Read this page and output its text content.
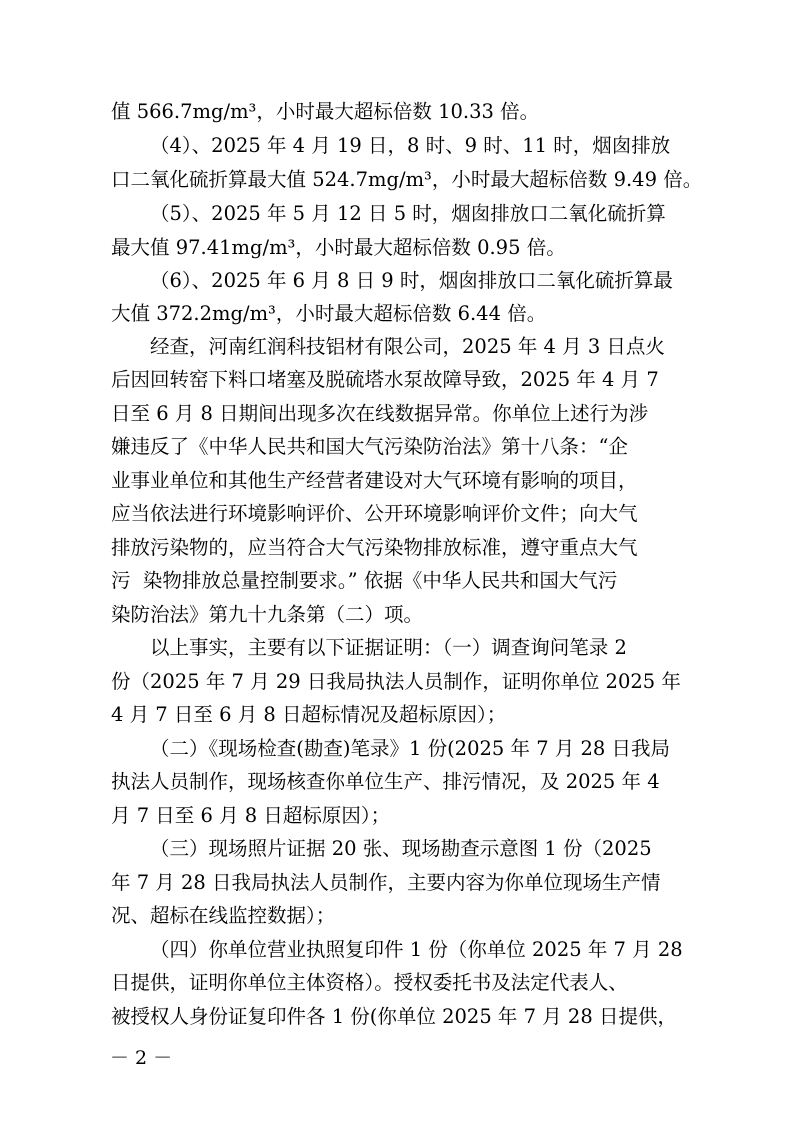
值 566.7mg/m³，小时最大超标倍数 10.33 倍。
（4）、2025 年 4 月 19 日，8 时、9 时、11 时，烟囱排放
口二氧化硫折算最大值 524.7mg/m³，小时最大超标倍数 9.49 倍。
（5）、2025 年 5 月 12 日 5 时，烟囱排放口二氧化硫折算
最大值 97.41mg/m³，小时最大超标倍数 0.95 倍。
（6）、2025 年 6 月 8 日 9 时，烟囱排放口二氧化硫折算最
大值 372.2mg/m³，小时最大超标倍数 6.44 倍。
经查，河南红润科技铝材有限公司，2025 年 4 月 3 日点火
后因回转窑下料口堵塞及脱硫塔水泵故障导致，2025 年 4 月 7
日至 6 月 8 日期间出现多次在线数据异常。你单位上述行为涉
嫌违反了《中华人民共和国大气污染防治法》第十八条：“企
业事业单位和其他生产经营者建设对大气环境有影响的项目，
应当依法进行环境影响评价、公开环境影响评价文件；向大气
排放污染物的，应当符合大气污染物排放标准，遵守重点大气
污  染物排放总量控制要求。” 依据《中华人民共和国大气污
染防治法》第九十九条第（二）项。
以上事实，主要有以下证据证明：（一）调查询问笔录 2
份（2025 年 7 月 29 日我局执法人员制作，证明你单位 2025 年
4 月 7 日至 6 月 8 日超标情况及超标原因）；
（二）《现场检查(勘查)笔录》1 份(2025 年 7 月 28 日我局
执法人员制作，现场核查你单位生产、排污情况，及 2025 年 4
月 7 日至 6 月 8 日超标原因）；
（三）现场照片证据 20 张、现场勘查示意图 1 份（2025
年 7 月 28 日我局执法人员制作，主要内容为你单位现场生产情
况、超标在线监控数据）；
（四）你单位营业执照复印件 1 份（你单位 2025 年 7 月 28
日提供，证明你单位主体资格）。授权委托书及法定代表人、
被授权人身份证复印件各 1 份(你单位 2025 年 7 月 28 日提供，
－ 2 －
